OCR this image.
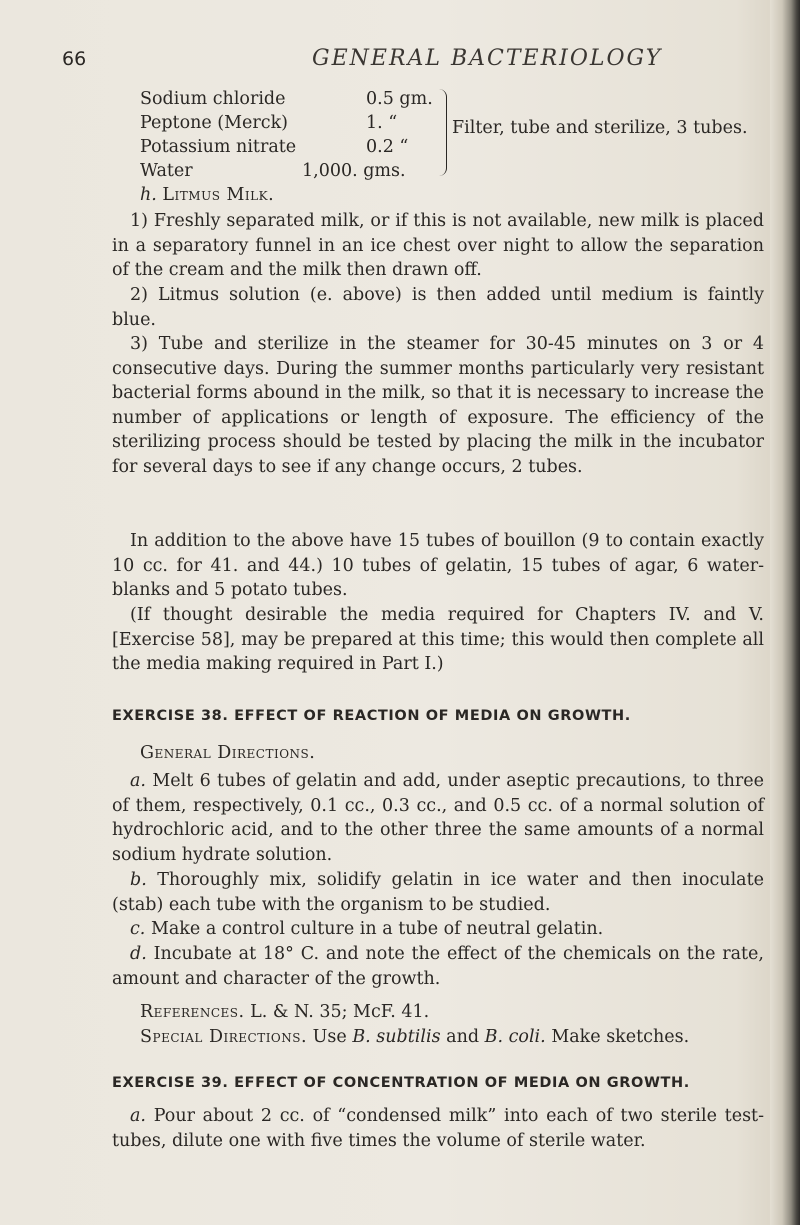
66	GENERAL BACTERIOLOGY
Sodium chloride	0.5 gm.
Peptone (Merck)	1. “
Potassium nitrate	0.2 “
Water	1,000. gms.
Filter, tube and sterilize, 3 tubes.
h. Litmus Milk.

1) Freshly separated milk, or if this is not available, new milk is placed in a separatory funnel in an ice chest over night to allow the separation of the cream and the milk then drawn off.

2) Litmus solution (e. above) is then added until medium is faintly blue.

3) Tube and sterilize in the steamer for 30-45 minutes on 3 or 4 consecutive days. During the summer months particularly very resistant bacterial forms abound in the milk, so that it is necessary to increase the number of applications or length of exposure. The efficiency of the sterilizing process should be tested by placing the milk in the incubator for several days to see if any change occurs, 2 tubes.

In addition to the above have 15 tubes of bouillon (9 to contain exactly 10 cc. for 41. and 44.) 10 tubes of gelatin, 15 tubes of agar, 6 water-blanks and 5 potato tubes.

(If thought desirable the media required for Chapters IV. and V. [Exercise 58], may be prepared at this time; this would then complete all the media making required in Part I.)

EXERCISE 38. EFFECT OF REACTION OF MEDIA ON GROWTH.
General Directions.

a. Melt 6 tubes of gelatin and add, under aseptic precautions, to three of them, respectively, 0.1 cc., 0.3 cc., and 0.5 cc. of a normal solution of hydrochloric acid, and to the other three the same amounts of a normal sodium hydrate solution.

b. Thoroughly mix, solidify gelatin in ice water and then inoculate (stab) each tube with the organism to be studied.

c. Make a control culture in a tube of neutral gelatin.

d. Incubate at 18° C. and note the effect of the chemicals on the rate, amount and character of the growth.

References. L. & N. 35; McF. 41.
Special Directions. Use B. subtilis and B. coli. Make sketches.
EXERCISE 39. EFFECT OF CONCENTRATION OF MEDIA ON GROWTH.

a. Pour about 2 cc. of “condensed milk” into each of two sterile test-tubes, dilute one with five times the volume of sterile water.
